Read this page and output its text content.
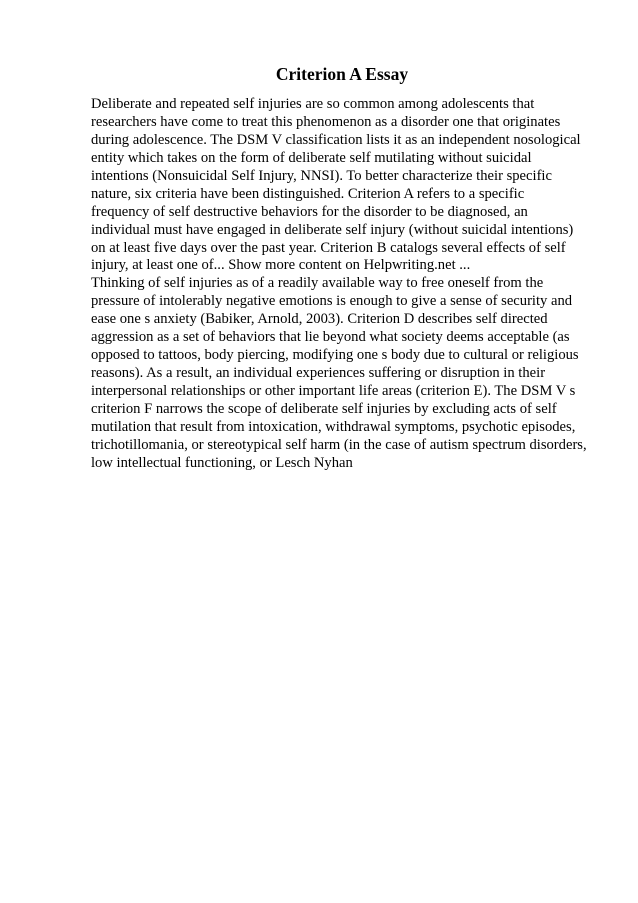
Criterion A Essay
Deliberate and repeated self injuries are so common among adolescents that
researchers have come to treat this phenomenon as a disorder one that originates
during adolescence. The DSM V classification lists it as an independent nosological
entity which takes on the form of deliberate self mutilating without suicidal
intentions (Nonsuicidal Self Injury, NNSI). To better characterize their specific
nature, six criteria have been distinguished. Criterion A refers to a specific
frequency of self destructive behaviors for the disorder to be diagnosed, an
individual must have engaged in deliberate self injury (without suicidal intentions)
on at least five days over the past year. Criterion B catalogs several effects of self
injury, at least one of... Show more content on Helpwriting.net ...
Thinking of self injuries as of a readily available way to free oneself from the
pressure of intolerably negative emotions is enough to give a sense of security and
ease one s anxiety (Babiker, Arnold, 2003). Criterion D describes self directed
aggression as a set of behaviors that lie beyond what society deems acceptable (as
opposed to tattoos, body piercing, modifying one s body due to cultural or religious
reasons). As a result, an individual experiences suffering or disruption in their
interpersonal relationships or other important life areas (criterion E). The DSM V s
criterion F narrows the scope of deliberate self injuries by excluding acts of self
mutilation that result from intoxication, withdrawal symptoms, psychotic episodes,
trichotillomania, or stereotypical self harm (in the case of autism spectrum disorders,
low intellectual functioning, or Lesch Nyhan
